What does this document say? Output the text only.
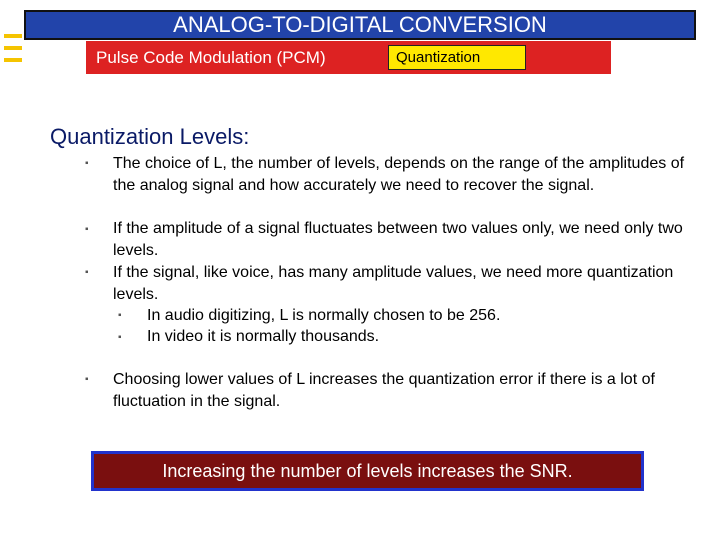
ANALOG-TO-DIGITAL CONVERSION
Pulse Code Modulation (PCM)	Quantization
Quantization Levels:
▪ The choice of L, the number of levels, depends on the range of the amplitudes of the analog signal and how accurately we need to recover the signal.
▪ If the amplitude of a signal fluctuates between two values only, we need only two levels.
▪ If the signal, like voice, has many amplitude values, we need more quantization levels.
▪ In audio digitizing, L is normally chosen to be 256.
▪ In video it is normally thousands.
▪ Choosing lower values of L increases the quantization error if there is a lot of fluctuation in the signal.
Increasing the number of levels increases the SNR.
